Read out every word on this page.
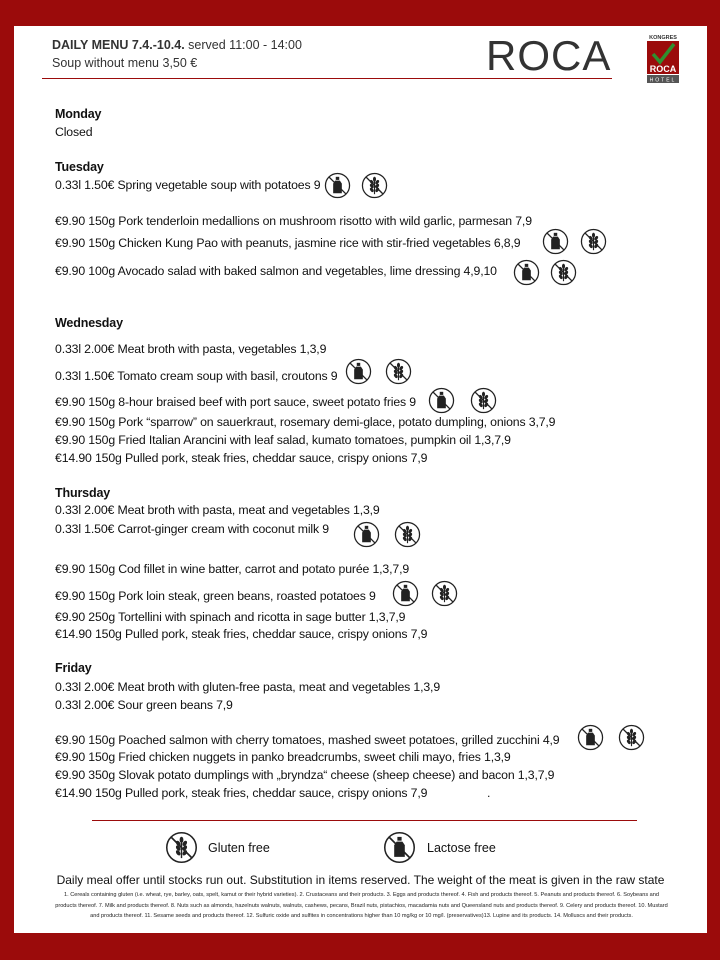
DAILY MENU 7.4.-10.4. served 11:00 - 14:00
Soup without menu 3,50 €	ROCA	KONGRES
ROCA
HOTEL
Monday
Closed
Tuesday
0.33l 1.50€ Spring vegetable soup with potatoes 9
€9.90 150g Pork tenderloin medallions on mushroom risotto with wild garlic, parmesan 7,9
€9.90 150g Chicken Kung Pao with peanuts, jasmine rice with stir-fried vegetables 6,8,9
€9.90 100g Avocado salad with baked salmon and vegetables, lime dressing 4,9,10
Wednesday
0.33l 2.00€ Meat broth with pasta, vegetables 1,3,9
0.33l 1.50€ Tomato cream soup with basil, croutons 9
€9.90 150g 8-hour braised beef with port sauce, sweet potato fries 9
€9.90 150g Pork “sparrow” on sauerkraut, rosemary demi-glace, potato dumpling, onions 3,7,9
€9.90 150g Fried Italian Arancini with leaf salad, kumato tomatoes, pumpkin oil 1,3,7,9
€14.90 150g Pulled pork, steak fries, cheddar sauce, crispy onions 7,9
Thursday
0.33l 2.00€ Meat broth with pasta, meat and vegetables 1,3,9
0.33l 1.50€ Carrot-ginger cream with coconut milk 9
€9.90 150g Cod fillet in wine batter, carrot and potato purée 1,3,7,9
€9.90 150g Pork loin steak, green beans, roasted potatoes 9
€9.90 250g Tortellini with spinach and ricotta in sage butter 1,3,7,9
€14.90 150g Pulled pork, steak fries, cheddar sauce, crispy onions 7,9
Friday
0.33l 2.00€ Meat broth with gluten-free pasta, meat and vegetables 1,3,9
0.33l 2.00€ Sour green beans 7,9
€9.90 150g Poached salmon with cherry tomatoes, mashed sweet potatoes, grilled zucchini 4,9
€9.90 150g Fried chicken nuggets in panko breadcrumbs, sweet chili mayo, fries 1,3,9
€9.90 350g Slovak potato dumplings with „bryndza“ cheese (sheep cheese) and bacon 1,3,7,9
€14.90 150g Pulled pork, steak fries, cheddar sauce, crispy onions 7,9	.
Gluten free	Lactose free
Daily meal offer until stocks run out. Substitution in items reserved. The weight of the meat is given in the raw state
1. Cereals containing gluten (i.e. wheat, rye, barley, oats, spelt, kamut or their hybrid varieties). 2. Crustaceans and their products. 3. Eggs and products thereof. 4. Fish and products thereof. 5. Peanuts and products thereof. 6. Soybeans and products thereof. 7. Milk and products thereof. 8. Nuts such as almonds, hazelnuts walnuts, walnuts, cashews, pecans, Brazil nuts, pistachios, macadamia nuts and Queensland nuts and products thereof. 9. Celery and products thereof. 10. Mustard and products thereof. 11. Sesame seeds and products thereof. 12. Sulfuric oxide and sulfites in concentrations higher than 10 mg/kg or 10 mg/l. (preservatives)13. Lupine and its products. 14. Molluscs and their products.
